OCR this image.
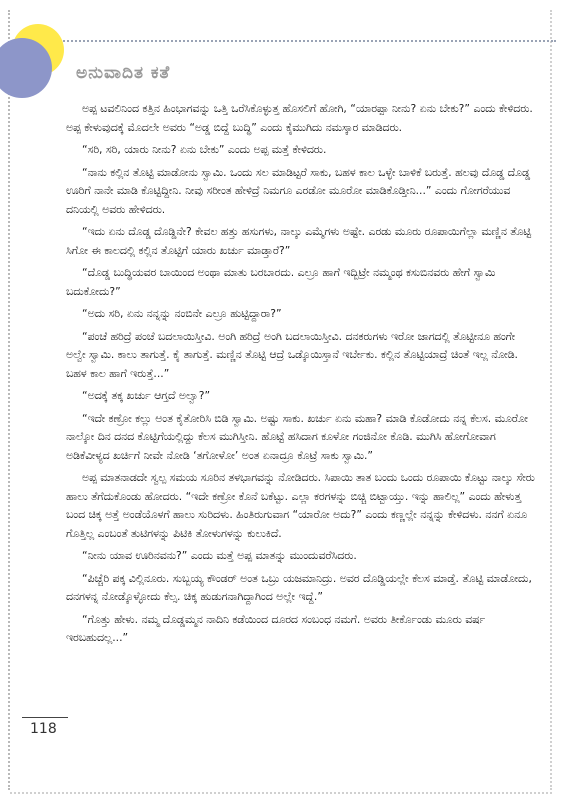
ಅನುವಾದಿತ ಕತೆ

ಅಪ್ಪ ಟವಲಿನಿಂದ ಕತ್ತಿನ ಹಿಂಭಾಗವನ್ನು ಒತ್ತಿ ಒರೆಸಿಕೊಳ್ಳುತ್ತ ಹೊಸಲಿಗೆ ಹೋಗಿ, “ಯಾರಪ್ಪಾ ನೀನು? ಏನು ಬೇಕು?” ಎಂದು ಕೇಳಿದರು. ಅಪ್ಪ ಕೇಳುವುದಕ್ಕೆ ಮೊದಲೇ ಅವರು “ಅಡ್ಡ ಬಿದ್ದೆ ಬುದ್ಧಿ” ಎಂದು ಕೈಮುಗಿದು ನಮಸ್ಕಾರ ಮಾಡಿದರು.

“ಸರಿ, ಸರಿ, ಯಾರು ನೀನು? ಏನು ಬೇಕು” ಎಂದು ಅಪ್ಪ ಮತ್ತೆ ಕೇಳಿದರು.

“ನಾನು ಕಲ್ಲಿನ ತೊಟ್ಟಿ ಮಾಡೋನು ಸ್ವಾಮಿ. ಒಂದು ಸಲ ಮಾಡಿಟ್ಟರೆ ಸಾಕು, ಬಹಳ ಕಾಲ ಒಳ್ಳೇ ಬಾಳಿಕೆ ಬರುತ್ತೆ. ಹಲವು ದೊಡ್ಡ ದೊಡ್ಡ ಊರಿಗೆ ನಾನೇ ಮಾಡಿ ಕೊಟ್ಟಿದ್ದೀನಿ. ನೀವು ಸರೀಂತ ಹೇಳಿದ್ರೆ ನಿಮಗೂ ಎರಡೋ ಮೂರೋ ಮಾಡಿಕೊಡ್ತೀನಿ...” ಎಂದು ಗೋಗರೆಯುವ ದನಿಯಲ್ಲಿ ಅವರು ಹೇಳಿದರು.

“ಇದು ಏನು ದೊಡ್ಡ ದೊಡ್ಡಿನೇ? ಕೇವಲ ಹತ್ತು ಹಸುಗಳು, ನಾಲ್ಕು ಎಮ್ಮೆಗಳು ಅಷ್ಟೇ. ಎರಡು ಮೂರು ರೂಪಾಯಿಗೆಲ್ಲಾ ಮಣ್ಣಿನ ತೊಟ್ಟಿ ಸಿಗೋ ಈ ಕಾಲದಲ್ಲಿ ಕಲ್ಲಿನ ತೊಟ್ಟಿಗೆ ಯಾರು ಖರ್ಚು ಮಾಡ್ತಾರೆ?”

“ದೊಡ್ಡ ಬುದ್ಧಿಯವರ ಬಾಯಿಂದ ಅಂಥಾ ಮಾತು ಬರಬಾರದು. ಎಲ್ರೂ ಹಾಗೆ ಇದ್ಬಿಟ್ರೇ ನಮ್ಮಂಥ ಕಸುಬಿನವರು ಹೇಗೆ ಸ್ವಾಮಿ ಬದುಕೋದು?”

“ಅದು ಸರಿ, ಏನು ನನ್ನನ್ನು ನಂಬಿನೇ ಎಲ್ರೂ ಹುಟ್ಟಿದ್ದಾರಾ?”

“ಪಂಚೆ ಹರಿದ್ರೆ ಪಂಚೆ ಬದಲಾಯಿಸ್ತೀವಿ. ಅಂಗಿ ಹರಿದ್ರೆ ಅಂಗಿ ಬದಲಾಯಿಸ್ತೀವಿ. ದನಕರುಗಳು ಇರೋ ಜಾಗದಲ್ಲಿ ತೊಟ್ಟೀನೂ ಹಂಗೇ ಅಲ್ವೇ ಸ್ವಾಮಿ. ಕಾಲು ತಾಗುತ್ತೆ. ಕೈ ತಾಗುತ್ತೆ. ಮಣ್ಣಿನ ತೊಟ್ಟಿ ಆದ್ರೆ ಒಡ್ಕೊಯಿಸ್ತಾನೆ ಇರ್ಬೇಕು. ಕಲ್ಲಿನ ತೊಟ್ಟಿಯಾದ್ರೆ ಚಿಂತೆ ಇಲ್ಲ ನೋಡಿ. ಬಹಳ ಕಾಲ ಹಾಗೆ ಇರುತ್ತೆ...”

“ಅದಕ್ಕೆ ತಕ್ಕ ಖರ್ಚು ಆಗ್ತದೆ ಅಲ್ವಾ?”

“ಇದೇ ಕಣ್ರೋ ಕಲ್ಲು ಅಂತ ಕೈತೋರಿಸಿ ಬಿಡಿ ಸ್ವಾಮಿ. ಅಷ್ಟು ಸಾಕು. ಖರ್ಚು ಏನು ಮಹಾ? ಮಾಡಿ ಕೊಡೋದು ನನ್ನ ಕೆಲಸ. ಮೂರೋ ನಾಲ್ಕೋ ದಿನ ದನದ ಕೊಟ್ಟಿಗೆಯಲ್ಲಿದ್ದು ಕೆಲಸ ಮುಗಿಸ್ತೀನಿ. ಹೊಟ್ಟೆ ಹಸಿದಾಗ ಕೂಳೋ ಗಂಜಿನೋ ಕೊಡಿ. ಮುಗಿಸಿ ಹೋಗೋವಾಗ ಅಡಿಕೆವೀಳ್ಯದ ಖರ್ಚಿಗೆ ನೀವೇ ನೋಡಿ ‘ತಗೋಳೋ’ ಅಂತ ಏನಾದ್ರೂ ಕೊಟ್ರೆ ಸಾಕು ಸ್ವಾಮಿ.”

ಅಪ್ಪ ಮಾತನಾಡದೇ ಸ್ವಲ್ಪ ಸಮಯ ಸೂರಿನ ತಳಭಾಗವನ್ನು ನೋಡಿದರು. ಸಿಪಾಯಿ ತಾತ ಬಂದು ಒಂದು ರೂಪಾಯಿ ಕೊಟ್ಟು ನಾಲ್ಕು ಸೇರು ಹಾಲು ತೆಗೆದುಕೊಂಡು ಹೋದರು. “ಇದೇ ಕಣ್ರೋ ಕೊನೆ ಬಕೆಟ್ಟು. ಎಲ್ಲಾ ಕರಗಳನ್ನು ಬಿಚ್ಚಿ ಬಿಟ್ಬಾಯ್ತು. ಇನ್ನು ಹಾಲಿಲ್ಲ” ಎಂದು ಹೇಳುತ್ತ ಬಂದ ಚಿಕ್ಕ ಅತ್ತೆ ಅಂಡೆಯೊಳಗೆ ಹಾಲು ಸುರಿದಳು. ಹಿಂತಿರುಗುವಾಗ “ಯಾರೋ ಅದು?” ಎಂದು ಕಣ್ಣಲ್ಲೇ ನನ್ನನ್ನು ಕೇಳಿದಳು. ನನಗೆ ಏನೂ ಗೊತ್ತಿಲ್ಲ ಎಂಬಂತೆ ತುಟಿಗಳನ್ನು ಪಿಟಿಕಿ ತೋಳುಗಳನ್ನು ಕುಲುಕಿದೆ.

“ನೀನು ಯಾವ ಊರಿನವನು?” ಎಂದು ಮತ್ತೆ ಅಪ್ಪ ಮಾತನ್ನು ಮುಂದುವರೆಸಿದರು.

“ಪಿಚ್ಚೆರಿ ಪಕ್ಕ ವಿಲ್ಲಿನೂರು. ಸುಬ್ಬಯ್ಯ ಕೌಂಡರ್ ಅಂತ ಒಬ್ರು ಯಜಮಾನಿದ್ರು. ಅವರ ದೊಡ್ಡಿಯಲ್ಲೇ ಕೆಲಸ ಮಾಡ್ತೆ. ತೊಟ್ಟಿ ಮಾಡೋದು, ದನಗಳನ್ನ ನೋಡ್ಕೊಳ್ಳೋದು ಕೆಲ್ಸ. ಚಿಕ್ಕ ಹುಡುಗನಾಗಿದ್ದಾಗಿಂದ ಅಲ್ಲೇ ಇದ್ದೆ.”

“ಗೊತ್ತು ಹೇಳು. ನಮ್ಮ ದೊಡ್ಡಮ್ಮನ ನಾದಿನಿ ಕಡೆಯಿಂದ ದೂರದ ಸಂಬಂಧ ನಮಗೆ. ಅವರು ತೀರ್ಕೊಂಡು ಮೂರು ವರ್ಷ ಇರಬಹುದಲ್ಲ...”

118
